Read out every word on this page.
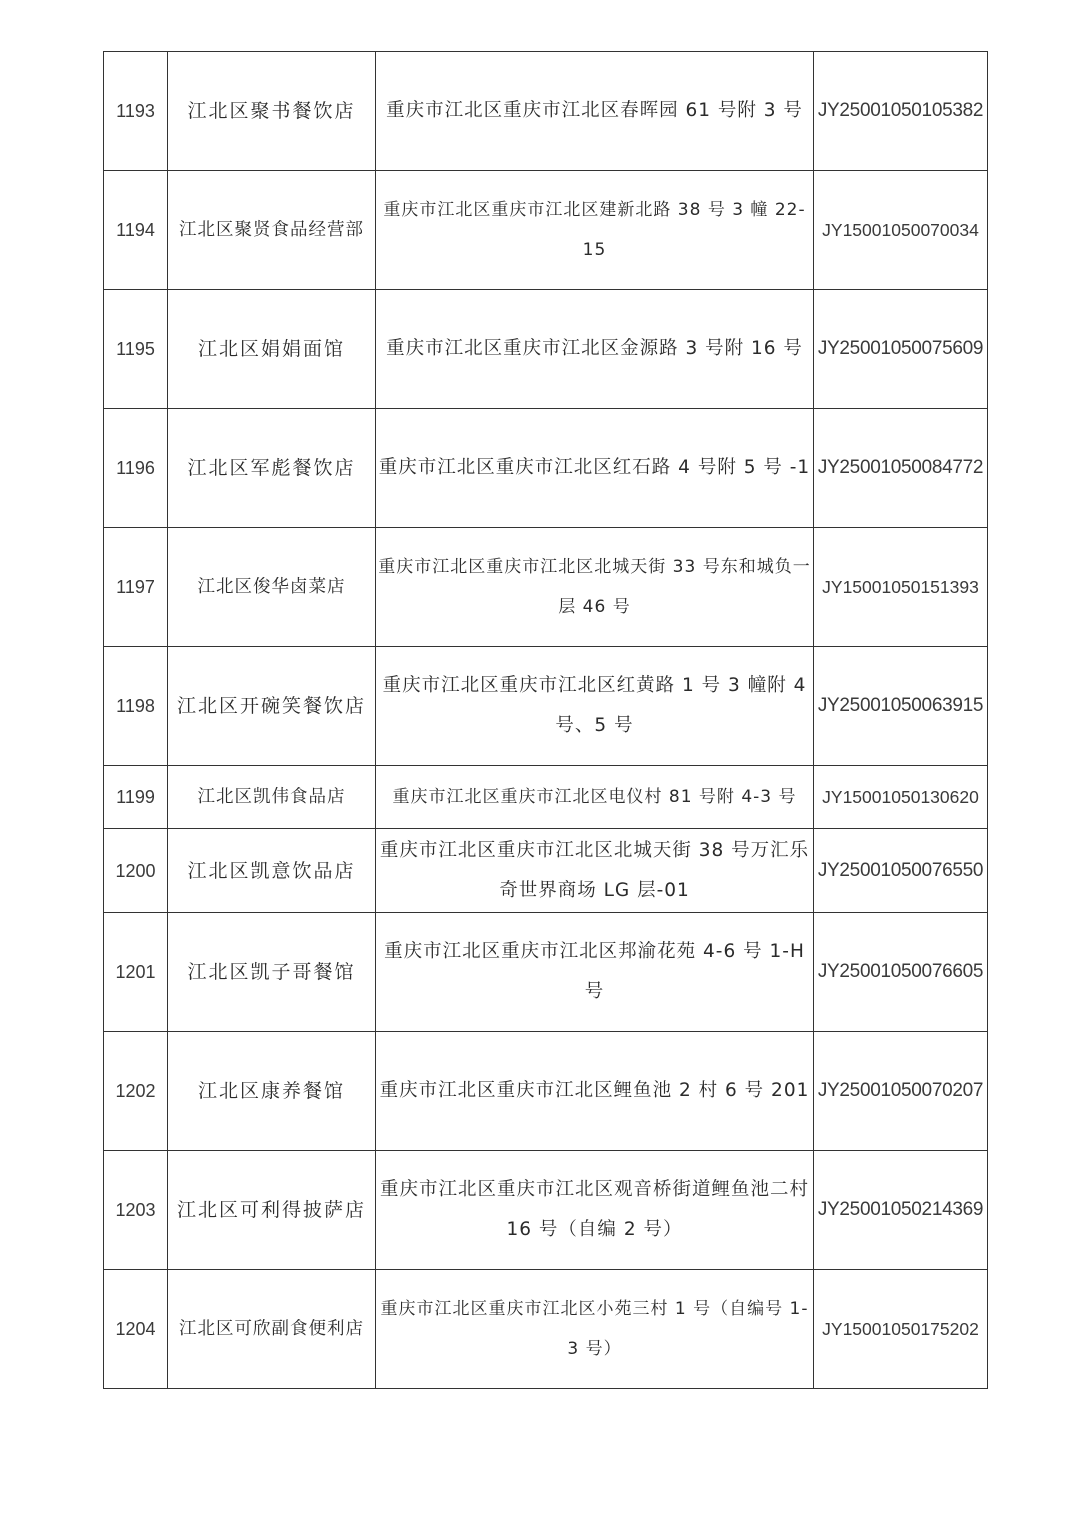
1193	江北区聚书餐饮店	重庆市江北区重庆市江北区春晖园 61 号附 3 号	JY25001050105382
1194	江北区聚贤食品经营部	重庆市江北区重庆市江北区建新北路 38 号 3 幢 22-15	JY15001050070034
1195	江北区娟娟面馆	重庆市江北区重庆市江北区金源路 3 号附 16 号	JY25001050075609
1196	江北区军彪餐饮店	重庆市江北区重庆市江北区红石路 4 号附 5 号 -1	JY25001050084772
1197	江北区俊华卤菜店	重庆市江北区重庆市江北区北城天街 33 号东和城负一层 46 号	JY15001050151393
1198	江北区开碗笑餐饮店	重庆市江北区重庆市江北区红黄路 1 号 3 幢附 4 号、5 号	JY25001050063915
1199	江北区凯伟食品店	重庆市江北区重庆市江北区电仪村 81 号附 4-3 号	JY15001050130620
1200	江北区凯意饮品店	重庆市江北区重庆市江北区北城天街 38 号万汇乐奇世界商场 LG 层-01	JY25001050076550
1201	江北区凯子哥餐馆	重庆市江北区重庆市江北区邦渝花苑 4-6 号 1-H 号	JY25001050076605
1202	江北区康养餐馆	重庆市江北区重庆市江北区鲤鱼池 2 村 6 号 201	JY25001050070207
1203	江北区可利得披萨店	重庆市江北区重庆市江北区观音桥街道鲤鱼池二村 16 号（自编 2 号）	JY25001050214369
1204	江北区可欣副食便利店	重庆市江北区重庆市江北区小苑三村 1 号（自编号 1-3 号）	JY15001050175202
